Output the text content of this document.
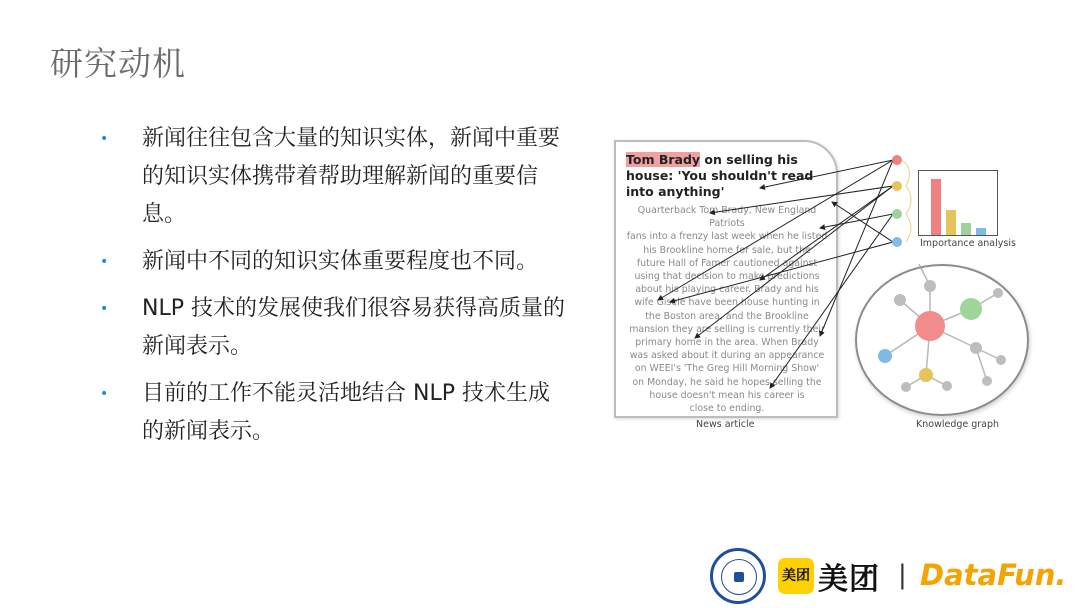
研究动机
• 新闻往往包含大量的知识实体，新闻中重要的知识实体携带着帮助理解新闻的重要信息。
• 新闻中不同的知识实体重要程度也不同。
• NLP 技术的发展使我们很容易获得高质量的新闻表示。
• 目前的工作不能灵活地结合 NLP 技术生成的新闻表示。
Tom Brady on selling his house: 'You shouldn't read into anything'
Quarterback Tom Brady, New England Patriots
fans into a frenzy last week when he listed
his Brookline home for sale, but the
future Hall of Famer cautioned against
using that decision to make predictions
about his playing career. Brady and his
wife Gisele have been house hunting in
the Boston area, and the Brookline
mansion they are selling is currently their
primary home in the area. When Brady
was asked about it during an appearance
on WEEI's 'The Greg Hill Morning Show'
on Monday, he said he hopes selling the
house doesn't mean his career is
close to ending.
News article
Importance analysis
Knowledge graph
美团 美团 | DataFun.
